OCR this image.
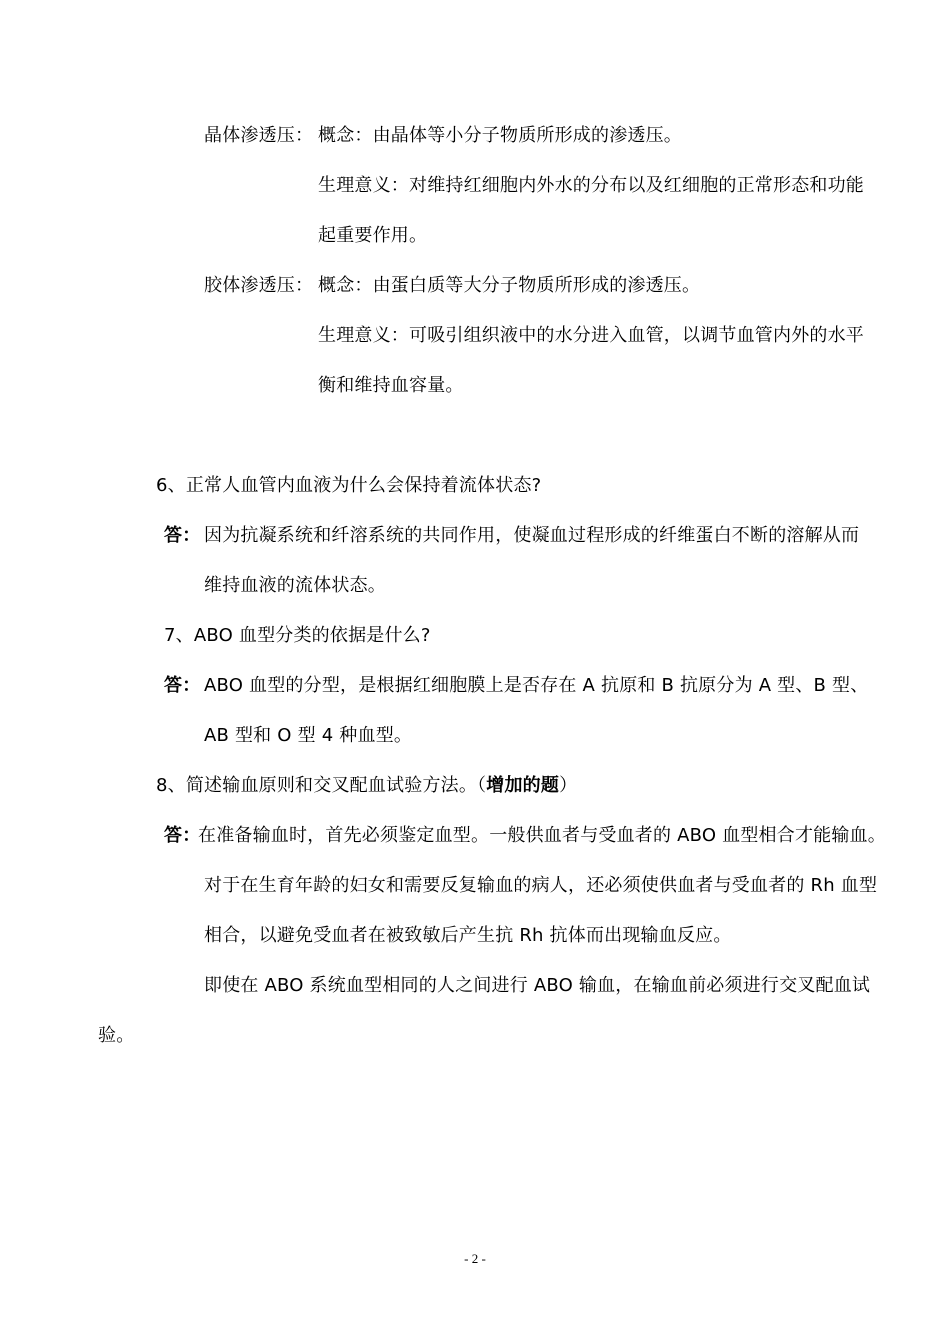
晶体渗透压： 概念：由晶体等小分子物质所形成的渗透压。
生理意义：对维持红细胞内外水的分布以及红细胞的正常形态和功能
起重要作用。
胶体渗透压： 概念：由蛋白质等大分子物质所形成的渗透压。
生理意义：可吸引组织液中的水分进入血管，以调节血管内外的水平
衡和维持血容量。
6、正常人血管内血液为什么会保持着流体状态?
答： 因为抗凝系统和纤溶系统的共同作用，使凝血过程形成的纤维蛋白不断的溶解从而
维持血液的流体状态。
7、ABO 血型分类的依据是什么?
答： ABO 血型的分型，是根据红细胞膜上是否存在 A 抗原和 B 抗原分为 A 型、B 型、
AB 型和 O 型 4 种血型。
8、简述输血原则和交叉配血试验方法。（增加的题）
答：
在准备输血时，首先必须鉴定血型。一般供血者与受血者的 ABO 血型相合才能输血。
对于在生育年龄的妇女和需要反复输血的病人，还必须使供血者与受血者的 Rh 血型
相合，以避免受血者在被致敏后产生抗 Rh 抗体而出现输血反应。
即使在 ABO 系统血型相同的人之间进行 ABO 输血，在输血前必须进行交叉配血试
验。
- 2 -
